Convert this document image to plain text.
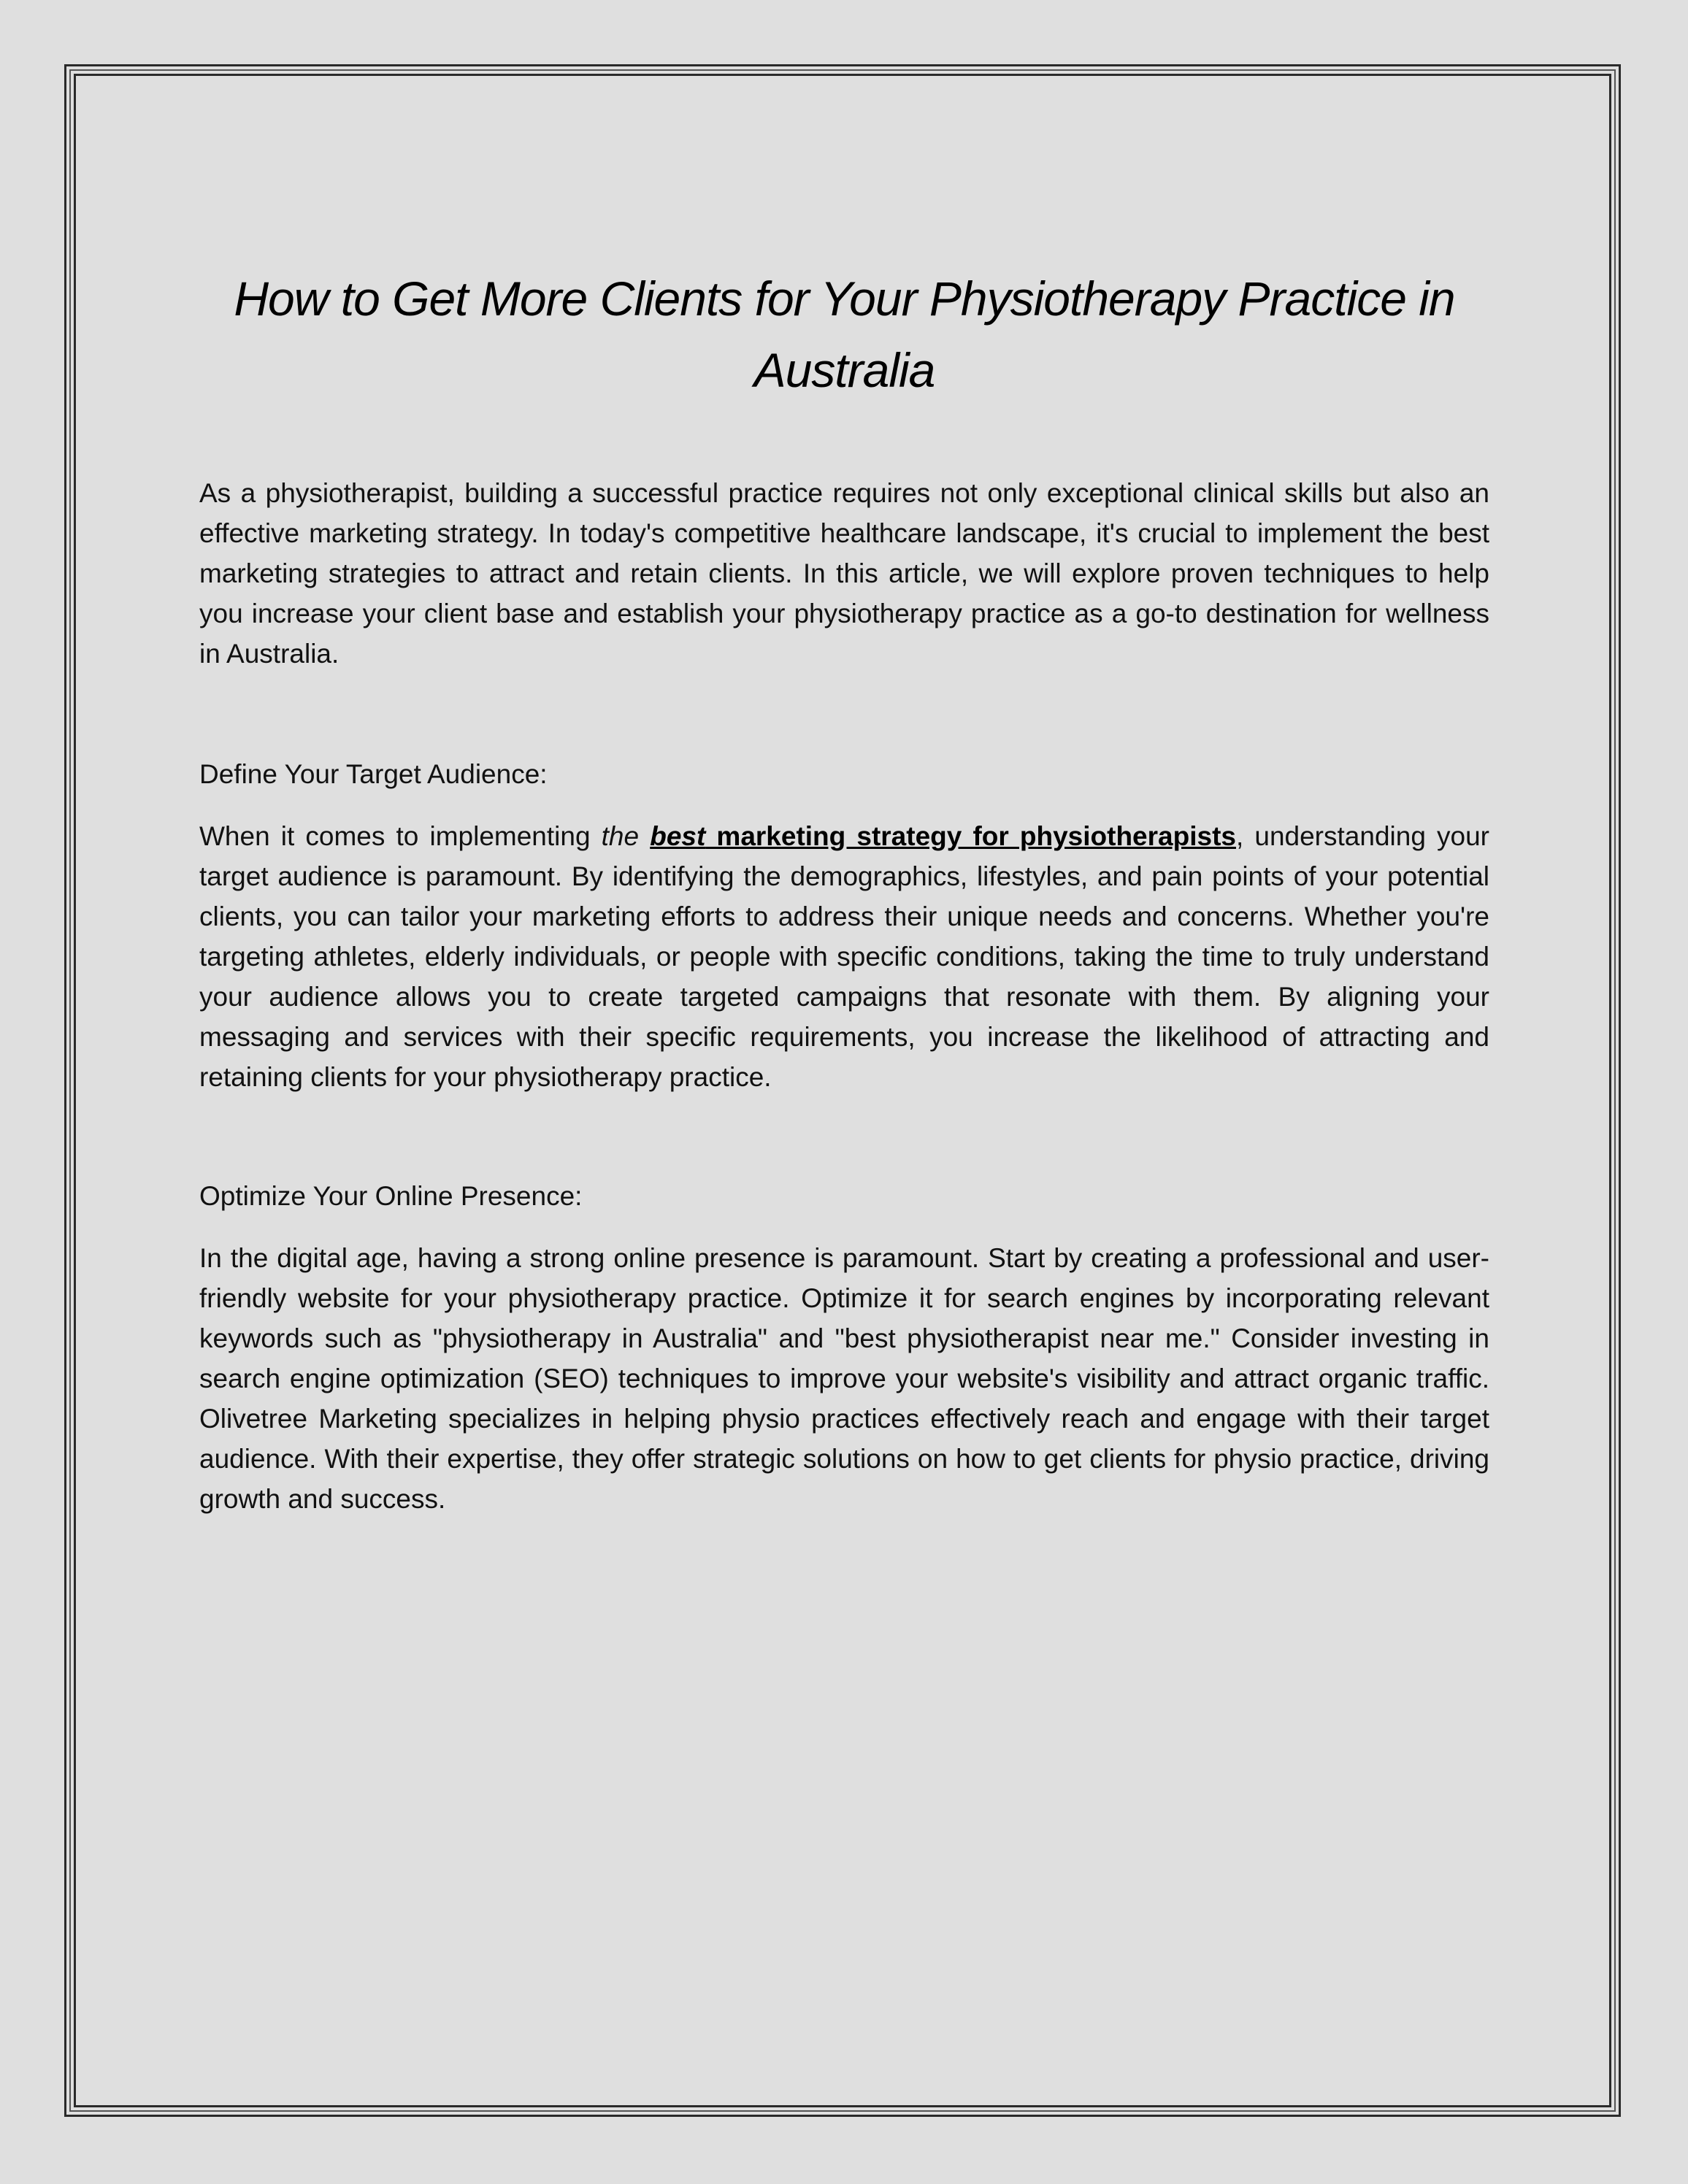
How to Get More Clients for Your Physiotherapy Practice in Australia

As a physiotherapist, building a successful practice requires not only exceptional clinical skills but also an effective marketing strategy. In today's competitive healthcare landscape, it's crucial to implement the best marketing strategies to attract and retain clients. In this article, we will explore proven techniques to help you increase your client base and establish your physiotherapy practice as a go-to destination for wellness in Australia.

Define Your Target Audience:

When it comes to implementing the best marketing strategy for physiotherapists, understanding your target audience is paramount. By identifying the demographics, lifestyles, and pain points of your potential clients, you can tailor your marketing efforts to address their unique needs and concerns. Whether you're targeting athletes, elderly individuals, or people with specific conditions, taking the time to truly understand your audience allows you to create targeted campaigns that resonate with them. By aligning your messaging and services with their specific requirements, you increase the likelihood of attracting and retaining clients for your physiotherapy practice.

Optimize Your Online Presence:

In the digital age, having a strong online presence is paramount. Start by creating a professional and user-friendly website for your physiotherapy practice. Optimize it for search engines by incorporating relevant keywords such as "physiotherapy in Australia" and "best physiotherapist near me." Consider investing in search engine optimization (SEO) techniques to improve your website's visibility and attract organic traffic. Olivetree Marketing specializes in helping physio practices effectively reach and engage with their target audience. With their expertise, they offer strategic solutions on how to get clients for physio practice, driving growth and success.
